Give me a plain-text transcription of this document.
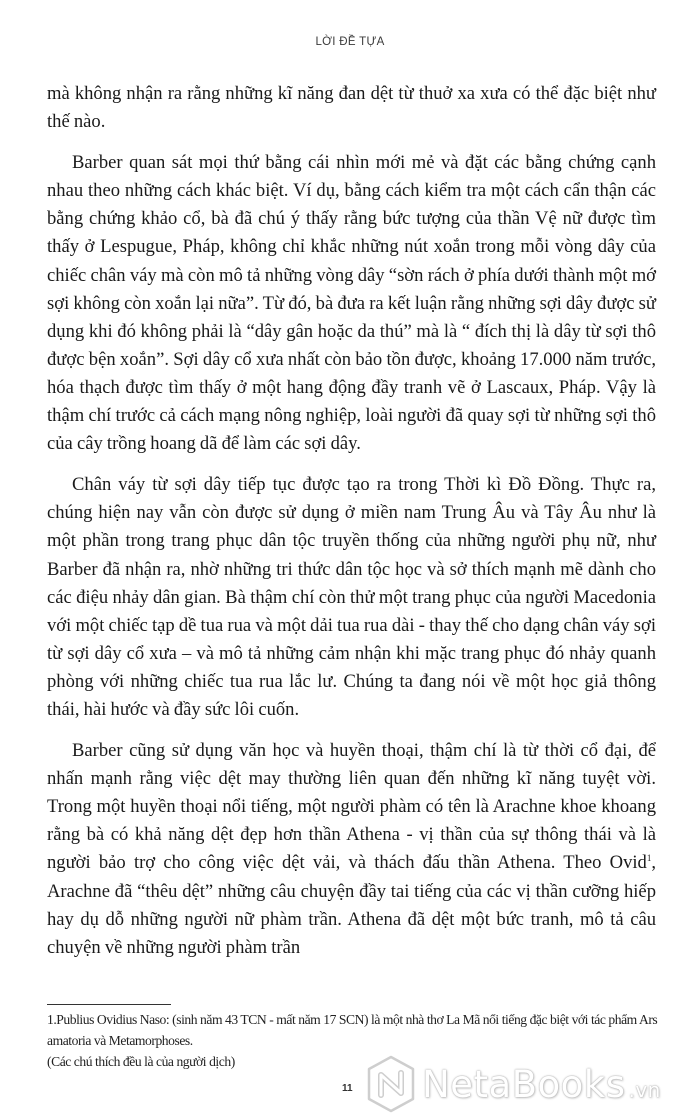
LỜI ĐỀ TỰA

mà không nhận ra rằng những kĩ năng đan dệt từ thuở xa xưa có thể đặc biệt như thế nào.

Barber quan sát mọi thứ bằng cái nhìn mới mẻ và đặt các bằng chứng cạnh nhau theo những cách khác biệt. Ví dụ, bằng cách kiểm tra một cách cẩn thận các bằng chứng khảo cổ, bà đã chú ý thấy rằng bức tượng của thần Vệ nữ được tìm thấy ở Lespugue, Pháp, không chỉ khắc những nút xoắn trong mỗi vòng dây của chiếc chân váy mà còn mô tả những vòng dây “sờn rách ở phía dưới thành một mớ sợi không còn xoắn lại nữa”. Từ đó, bà đưa ra kết luận rằng những sợi dây được sử dụng khi đó không phải là “dây gân hoặc da thú” mà là “ đích thị là dây từ sợi thô được bện xoắn”. Sợi dây cổ xưa nhất còn bảo tồn được, khoảng 17.000 năm trước, hóa thạch được tìm thấy ở một hang động đầy tranh vẽ ở Lascaux, Pháp. Vậy là thậm chí trước cả cách mạng nông nghiệp, loài người đã quay sợi từ những sợi thô của cây trồng hoang dã để làm các sợi dây.

Chân váy từ sợi dây tiếp tục được tạo ra trong Thời kì Đồ Đồng. Thực ra, chúng hiện nay vẫn còn được sử dụng ở miền nam Trung Âu và Tây Âu như là một phần trong trang phục dân tộc truyền thống của những người phụ nữ, như Barber đã nhận ra, nhờ những tri thức dân tộc học và sở thích mạnh mẽ dành cho các điệu nhảy dân gian. Bà thậm chí còn thử một trang phục của người Macedonia với một chiếc tạp dề tua rua và một dải tua rua dài - thay thế cho dạng chân váy sợi từ sợi dây cổ xưa – và mô tả những cảm nhận khi mặc trang phục đó nhảy quanh phòng với những chiếc tua rua lắc lư. Chúng ta đang nói về một học giả thông thái, hài hước và đầy sức lôi cuốn.

Barber cũng sử dụng văn học và huyền thoại, thậm chí là từ thời cổ đại, để nhấn mạnh rằng việc dệt may thường liên quan đến những kĩ năng tuyệt vời. Trong một huyền thoại nổi tiếng, một người phàm có tên là Arachne khoe khoang rằng bà có khả năng dệt đẹp hơn thần Athena - vị thần của sự thông thái và là người bảo trợ cho công việc dệt vải, và thách đấu thần Athena. Theo Ovid$^1$, Arachne đã “thêu dệt” những câu chuyện đầy tai tiếng của các vị thần cưỡng hiếp hay dụ dỗ những người nữ phàm trần. Athena đã dệt một bức tranh, mô tả câu chuyện về những người phàm trần

1.Publius Ovidius Naso: (sinh năm 43 TCN - mất năm 17 SCN) là một nhà thơ La Mã nổi tiếng đặc biệt với tác phẩm Ars amatoria và Metamorphoses.

(Các chú thích đều là của người dịch)

11 NetaBooks .vn
